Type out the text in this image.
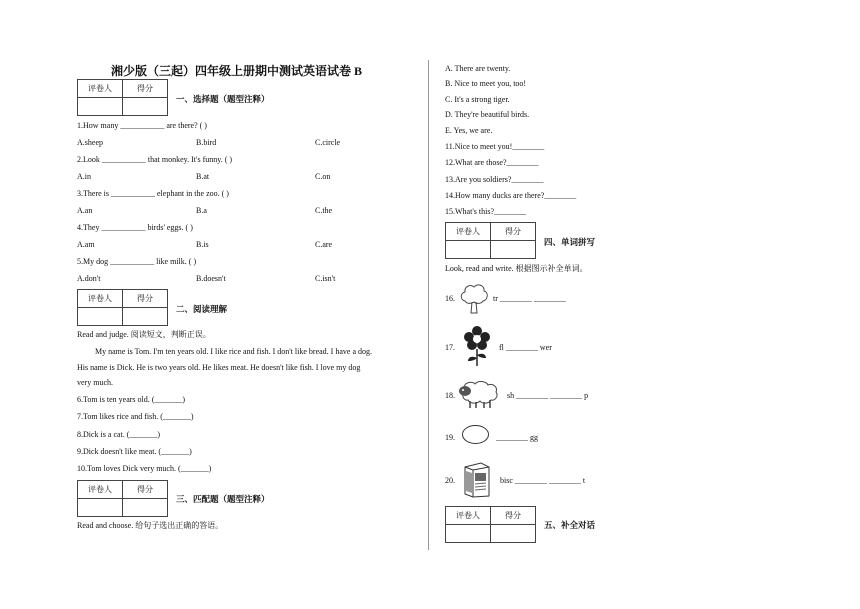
湘少版（三起）四年级上册期中测试英语试卷 B
评卷人	得分

一、选择题（题型注释）
1.How many ___________ are there? ( )
A.sheep	B.bird	C.circle
2.Look ___________ that monkey. It's funny. ( )
A.in	B.at	C.on
3.There is ___________ elephant in the zoo. ( )
A.an	B.a	C.the
4.They ___________ birds' eggs. ( )
A.am	B.is	C.are
5.My dog ___________ like milk. ( )
A.don't	B.doesn't	C.isn't
评卷人	得分

二、阅读理解
Read and judge. 阅读短文，判断正误。
My name is Tom. I'm ten years old. I like rice and fish. I don't like bread. I have a dog.
His name is Dick. He is two years old. He likes meat. He doesn't like fish. I love my dog
very much.
6.Tom is ten years old. (_______)
7.Tom likes rice and fish. (_______)
8.Dick is a cat. (_______)
9.Dick doesn't like meat. (_______)
10.Tom loves Dick very much. (_______)
评卷人	得分

三、匹配题（题型注释）
Read and choose. 给句子选出正确的答语。
A. There are twenty.
B. Nice to meet you, too!
C. It's a strong tiger.
D. They're beautiful birds.
E. Yes, we are.
11.Nice to meet you!________
12.What are those?________
13.Are you soldiers?________
14.How many ducks are there?________
15.What's this?________
评卷人	得分

四、单词拼写
Look, read and write. 根据图示补全单词。
16.	tr ________ ________
17.	fl ________ wer
18.	sh ________ ________ p
19.	________ gg
20.	bisc ________ ________ t
评卷人	得分

五、补全对话
